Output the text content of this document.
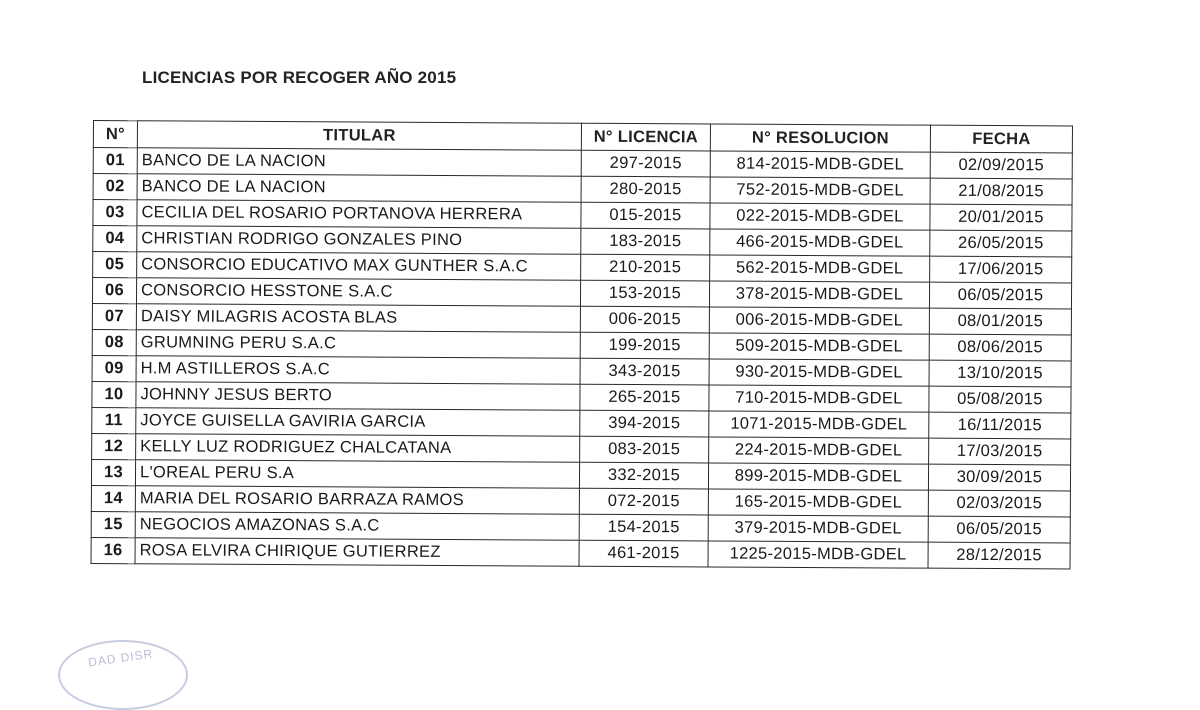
LICENCIAS POR RECOGER AÑO 2015
N°	TITULAR	N° LICENCIA	N° RESOLUCION	FECHA
01	BANCO DE LA NACION	297-2015	814-2015-MDB-GDEL	02/09/2015
02	BANCO DE LA NACION	280-2015	752-2015-MDB-GDEL	21/08/2015
03	CECILIA DEL ROSARIO PORTANOVA HERRERA	015-2015	022-2015-MDB-GDEL	20/01/2015
04	CHRISTIAN RODRIGO GONZALES PINO	183-2015	466-2015-MDB-GDEL	26/05/2015
05	CONSORCIO EDUCATIVO MAX GUNTHER S.A.C	210-2015	562-2015-MDB-GDEL	17/06/2015
06	CONSORCIO HESSTONE S.A.C	153-2015	378-2015-MDB-GDEL	06/05/2015
07	DAISY MILAGRIS ACOSTA BLAS	006-2015	006-2015-MDB-GDEL	08/01/2015
08	GRUMNING PERU S.A.C	199-2015	509-2015-MDB-GDEL	08/06/2015
09	H.M ASTILLEROS S.A.C	343-2015	930-2015-MDB-GDEL	13/10/2015
10	JOHNNY JESUS BERTO	265-2015	710-2015-MDB-GDEL	05/08/2015
11	JOYCE GUISELLA GAVIRIA GARCIA	394-2015	1071-2015-MDB-GDEL	16/11/2015
12	KELLY LUZ RODRIGUEZ CHALCATANA	083-2015	224-2015-MDB-GDEL	17/03/2015
13	L'OREAL PERU S.A	332-2015	899-2015-MDB-GDEL	30/09/2015
14	MARIA DEL ROSARIO BARRAZA RAMOS	072-2015	165-2015-MDB-GDEL	02/03/2015
15	NEGOCIOS AMAZONAS S.A.C	154-2015	379-2015-MDB-GDEL	06/05/2015
16	ROSA ELVIRA CHIRIQUE GUTIERREZ	461-2015	1225-2015-MDB-GDEL	28/12/2015
DAD DISR
